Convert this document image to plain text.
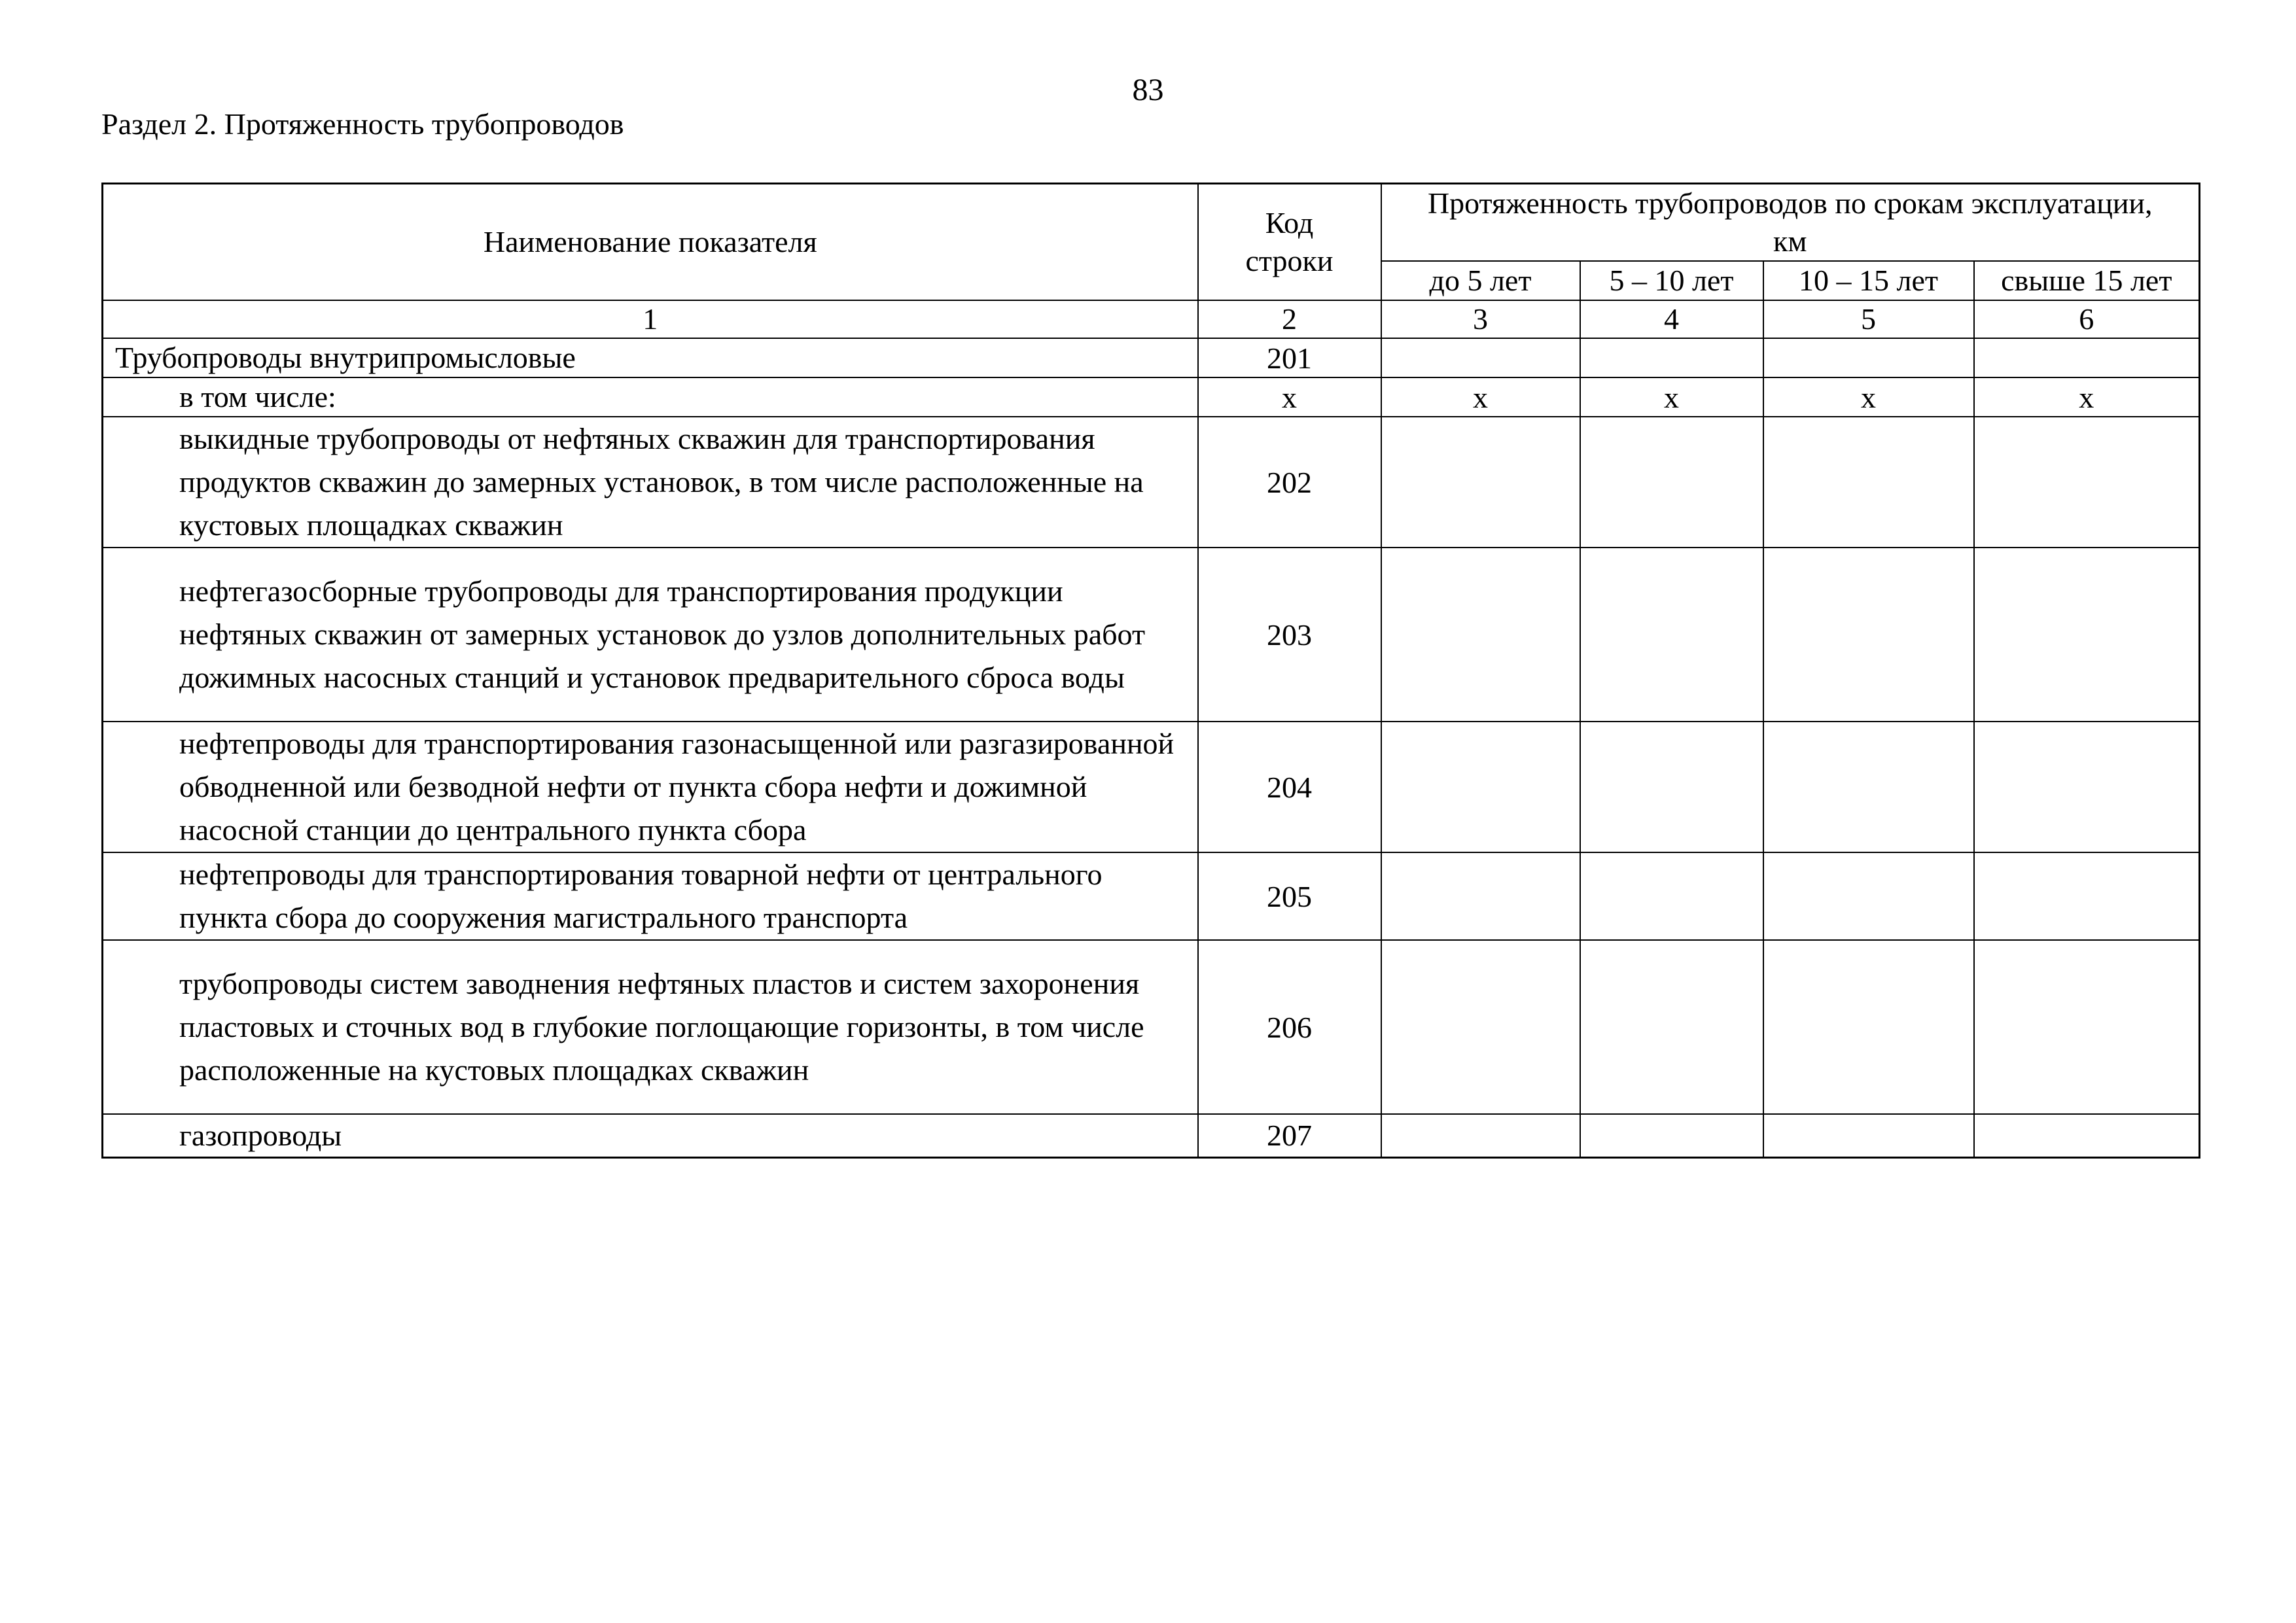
83
Раздел 2. Протяженность трубопроводов
Наименование показателя	Код строки	Протяженность трубопроводов по срокам эксплуатации, км			
		до 5 лет	5 – 10 лет	10 – 15 лет	свыше 15 лет
1	2	3	4	5	6
Трубопроводы внутрипромысловые	201				
в том числе:	x	x	x	x	x
выкидные трубопроводы от нефтяных скважин для транспортирования продуктов скважин до замерных установок, в том числе расположенные на кустовых площадках скважин	202				
нефтегазосборные трубопроводы для транспортирования продукции нефтяных скважин от замерных установок до узлов дополнительных работ дожимных насосных станций и установок предварительного сброса воды	203				
нефтепроводы для транспортирования газонасыщенной или разгазированной обводненной или безводной нефти от пункта сбора нефти и дожимной насосной станции до центрального пункта сбора	204				
нефтепроводы для транспортирования товарной нефти от центрального пункта сбора до сооружения магистрального транспорта	205				
трубопроводы систем заводнения нефтяных пластов и систем захоронения пластовых и сточных вод в глубокие поглощающие горизонты, в том числе расположенные на кустовых площадках скважин	206				
газопроводы	207				
